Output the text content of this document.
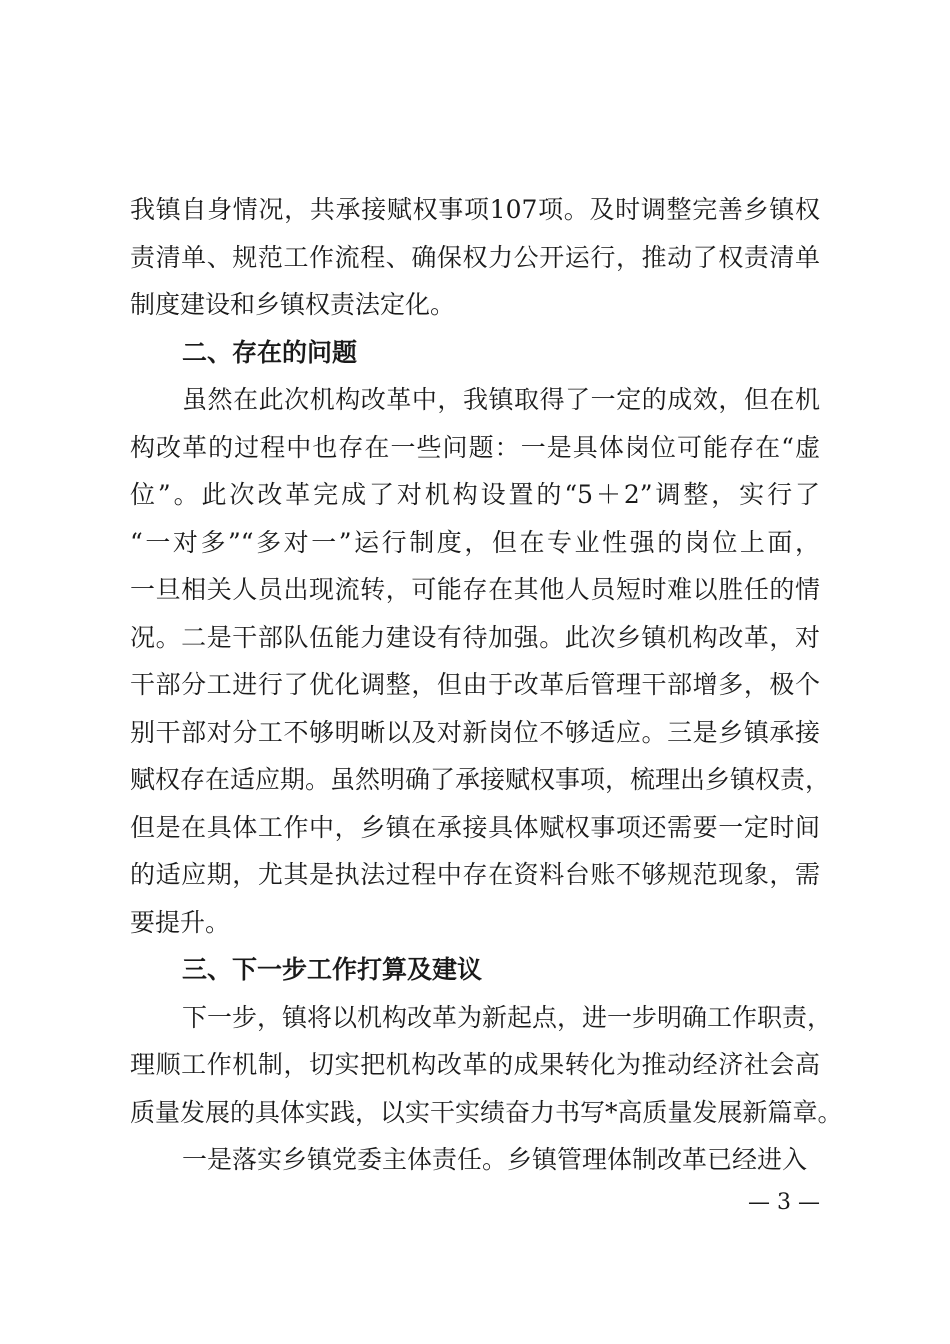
我镇自身情况，共承接赋权事项107项。及时调整完善乡镇权
责清单、规范工作流程、确保权力公开运行，推动了权责清单
制度建设和乡镇权责法定化。
二、存在的问题
虽然在此次机构改革中，我镇取得了一定的成效，但在机
构改革的过程中也存在一些问题：一是具体岗位可能存在“虚
位”。此次改革完成了对机构设置的“5＋2”调整，实行了
“一对多”“多对一”运行制度，但在专业性强的岗位上面，
一旦相关人员出现流转，可能存在其他人员短时难以胜任的情
况。二是干部队伍能力建设有待加强。此次乡镇机构改革，对
干部分工进行了优化调整，但由于改革后管理干部增多，极个
别干部对分工不够明晰以及对新岗位不够适应。三是乡镇承接
赋权存在适应期。虽然明确了承接赋权事项，梳理出乡镇权责，
但是在具体工作中，乡镇在承接具体赋权事项还需要一定时间
的适应期，尤其是执法过程中存在资料台账不够规范现象，需
要提升。
三、下一步工作打算及建议
下一步，镇将以机构改革为新起点，进一步明确工作职责，
理顺工作机制，切实把机构改革的成果转化为推动经济社会高
质量发展的具体实践，以实干实绩奋力书写*高质量发展新篇章。
一是落实乡镇党委主体责任。乡镇管理体制改革已经进入
— 3 —
